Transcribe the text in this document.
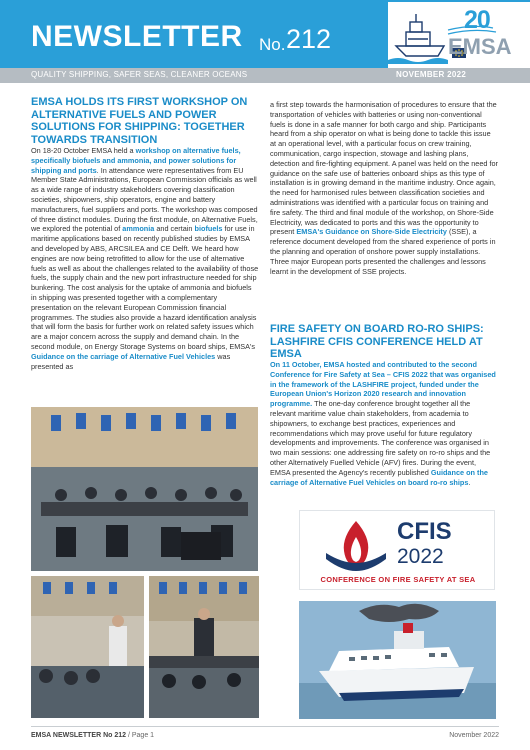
NEWSLETTER No. 212
20
EMSA
QUALITY SHIPPING, SAFER SEAS, CLEANER OCEANS	NOVEMBER 2022
EMSA HOLDS ITS FIRST WORKSHOP ON ALTERNATIVE FUELS AND POWER SOLUTIONS FOR SHIPPING: TOGETHER TOWARDS TRANSITION
On 18-20 October EMSA held a workshop on alternative fuels, specifically biofuels and ammonia, and power solutions for shipping and ports. In attendance were representatives from EU Member State Administrations, European Commission officials as well as a wide range of industry stakeholders covering classification societies, shipowners, ship operators, engine and battery manufacturers, fuel suppliers and ports. The workshop was composed of three distinct modules. During the first module, on Alternative Fuels, we explored the potential of ammonia and certain biofuels for use in maritime applications based on recently published studies by EMSA and developed by ABS, ARCSILEA and CE Delft. We heard how engines are now being retrofitted to allow for the use of alternative fuels as well as about the challenges related to the availability of those fuels, the supply chain and the new port infrastructure needed for ship bunkering. The cost analysis for the uptake of ammonia and biofuels in shipping was presented together with a complementary presentation on the relevant European Commission financial programmes. The studies also provide a hazard identification analysis that will form the basis for further work on related safety issues which are a major concern across the supply and demand chain. In the second module, on Energy Storage Systems on board ships, EMSA's Guidance on the carriage of Alternative Fuel Vehicles was presented as
a first step towards the harmonisation of procedures to ensure that the transportation of vehicles with batteries or using non-conventional fuels is done in a safe manner for both cargo and ship. Participants heard from a ship operator on what is being done to tackle this issue at an operational level, with a particular focus on crew training, communication, cargo inspection, stowage and lashing plans, detection and fire-fighting equipment. A panel was held on the need for guidance on the safe use of batteries onboard ships as this type of installation is in growing demand in the maritime industry. Once again, the need for harmonised rules between classification societies and administrations was identified with a particular focus on training and fire safety. The third and final module of the workshop, on Shore-Side Electricity, was dedicated to ports and this was the opportunity to present EMSA's Guidance on Shore-Side Electricity (SSE), a reference document developed from the shared experience of ports in the planning and operation of onshore power supply installations. Three major European ports presented the challenges and lessons learnt in the development of SSE projects.
FIRE SAFETY ON BOARD RO-RO SHIPS: LASHFIRE CFIS CONFERENCE HELD AT EMSA
On 11 October, EMSA hosted and contributed to the second Conference for Fire Safety at Sea – CFIS 2022 that was organised in the framework of the LASHFIRE project, funded under the European Union's Horizon 2020 research and innovation programme. The one-day conference brought together all the relevant maritime value chain stakeholders, from academia to shipowners, to exchange best practices, experiences and recommendations which may prove useful for future regulatory developments and improvements. The conference was organised in two main sessions: one addressing fire safety on ro-ro ships and the other Alternatively Fuelled Vehicle (AFV) fires. During the event, EMSA presented the Agency's recently published Guidance on the carriage of Alternative Fuel Vehicles on board ro-ro ships.
CFIS
2022
CONFERENCE ON FIRE SAFETY AT SEA
EMSA NEWSLETTER No 212 / Page 1	November 2022
